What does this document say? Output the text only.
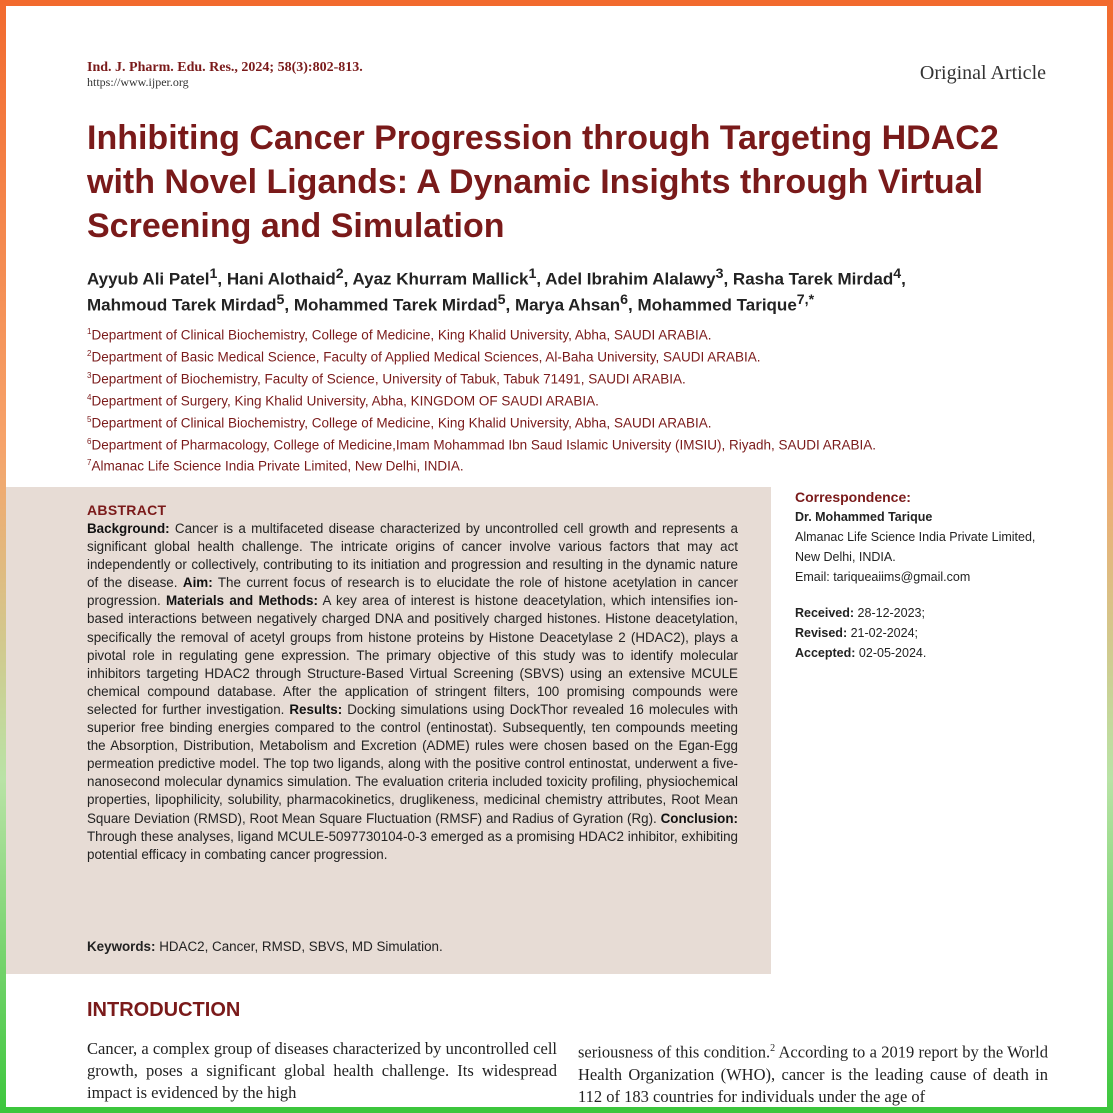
Ind. J. Pharm. Edu. Res., 2024; 58(3):802-813.
https://www.ijper.org	Original Article
Inhibiting Cancer Progression through Targeting HDAC2 with Novel Ligands: A Dynamic Insights through Virtual Screening and Simulation

Ayyub Ali Patel$^1$, Hani Alothaid$^2$, Ayaz Khurram Mallick$^1$, Adel Ibrahim Alalawy$^3$, Rasha Tarek Mirdad$^4$,
Mahmoud Tarek Mirdad$^5$, Mohammed Tarek Mirdad$^5$, Marya Ahsan$^6$, Mohammed Tarique$^{7,*}$

$^1$Department of Clinical Biochemistry, College of Medicine, King Khalid University, Abha, SAUDI ARABIA.
$^2$Department of Basic Medical Science, Faculty of Applied Medical Sciences, Al-Baha University, SAUDI ARABIA.
$^3$Department of Biochemistry, Faculty of Science, University of Tabuk, Tabuk 71491, SAUDI ARABIA.
$^4$Department of Surgery, King Khalid University, Abha, KINGDOM OF SAUDI ARABIA.
$^5$Department of Clinical Biochemistry, College of Medicine, King Khalid University, Abha, SAUDI ARABIA.
$^6$Department of Pharmacology, College of Medicine,Imam Mohammad Ibn Saud Islamic University (IMSIU), Riyadh, SAUDI ARABIA.
$^7$Almanac Life Science India Private Limited, New Delhi, INDIA.
ABSTRACT

Background: Cancer is a multifaceted disease characterized by uncontrolled cell growth and represents a significant global health challenge. The intricate origins of cancer involve various factors that may act independently or collectively, contributing to its initiation and progression and resulting in the dynamic nature of the disease. Aim: The current focus of research is to elucidate the role of histone acetylation in cancer progression. Materials and Methods: A key area of interest is histone deacetylation, which intensifies ion-based interactions between negatively charged DNA and positively charged histones. Histone deacetylation, specifically the removal of acetyl groups from histone proteins by Histone Deacetylase 2 (HDAC2), plays a pivotal role in regulating gene expression. The primary objective of this study was to identify molecular inhibitors targeting HDAC2 through Structure-Based Virtual Screening (SBVS) using an extensive MCULE chemical compound database. After the application of stringent filters, 100 promising compounds were selected for further investigation. Results: Docking simulations using DockThor revealed 16 molecules with superior free binding energies compared to the control (entinostat). Subsequently, ten compounds meeting the Absorption, Distribution, Metabolism and Excretion (ADME) rules were chosen based on the Egan-Egg permeation predictive model. The top two ligands, along with the positive control entinostat, underwent a five-nanosecond molecular dynamics simulation. The evaluation criteria included toxicity profiling, physiochemical properties, lipophilicity, solubility, pharmacokinetics, druglikeness, medicinal chemistry attributes, Root Mean Square Deviation (RMSD), Root Mean Square Fluctuation (RMSF) and Radius of Gyration (Rg). Conclusion: Through these analyses, ligand MCULE-5097730104-0-3 emerged as a promising HDAC2 inhibitor, exhibiting potential efficacy in combating cancer progression.

Keywords: HDAC2, Cancer, RMSD, SBVS, MD Simulation.

Correspondence:
Dr. Mohammed Tarique
Almanac Life Science India Private Limited, New Delhi, INDIA.
Email: tariqueaiims@gmail.com
Received: 28-12-2023;
Revised: 21-02-2024;
Accepted: 02-05-2024.
INTRODUCTION

Cancer, a complex group of diseases characterized by uncontrolled cell growth, poses a significant global health challenge. Its widespread impact is evidenced by the high

seriousness of this condition.$^2$ According to a 2019 report by the World Health Organization (WHO), cancer is the leading cause of death in 112 of 183 countries for individuals under the age of
